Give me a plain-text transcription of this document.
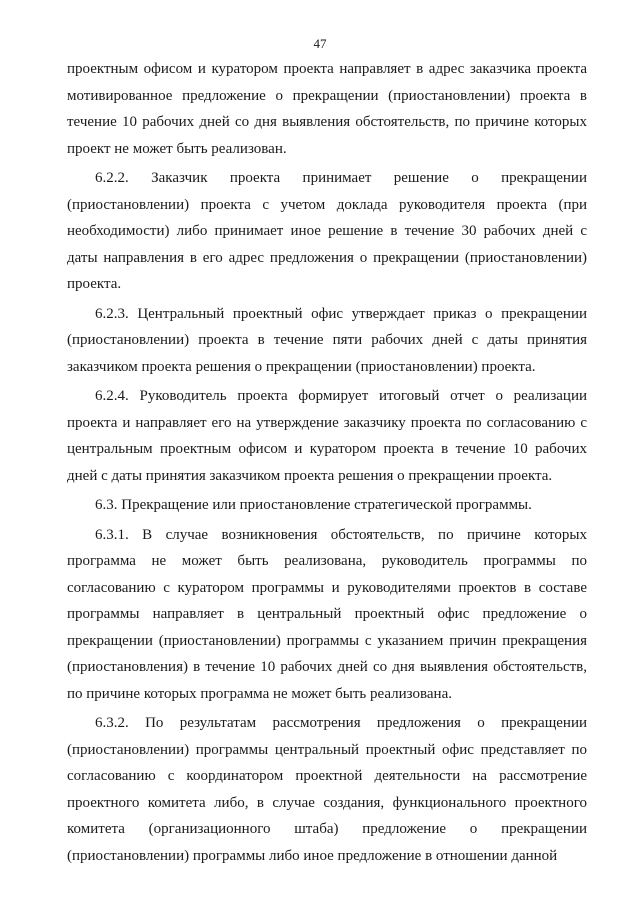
47

проектным офисом и куратором проекта направляет в адрес заказчика проекта мотивированное предложение о прекращении (приостановлении) проекта в течение 10 рабочих дней со дня выявления обстоятельств, по причине которых проект не может быть реализован.

6.2.2. Заказчик проекта принимает решение о прекращении (приостановлении) проекта с учетом доклада руководителя проекта (при необходимости) либо принимает иное решение в течение 30 рабочих дней с даты направления в его адрес предложения о прекращении (приостановлении) проекта.

6.2.3. Центральный проектный офис утверждает приказ о прекращении (приостановлении) проекта в течение пяти рабочих дней с даты принятия заказчиком проекта решения о прекращении (приостановлении) проекта.

6.2.4. Руководитель проекта формирует итоговый отчет о реализации проекта и направляет его на утверждение заказчику проекта по согласованию с центральным проектным офисом и куратором проекта в течение 10 рабочих дней с даты принятия заказчиком проекта решения о прекращении проекта.

6.3. Прекращение или приостановление стратегической программы.

6.3.1. В случае возникновения обстоятельств, по причине которых программа не может быть реализована, руководитель программы по согласованию с куратором программы и руководителями проектов в составе программы направляет в центральный проектный офис предложение о прекращении (приостановлении) программы с указанием причин прекращения (приостановления) в течение 10 рабочих дней со дня выявления обстоятельств, по причине которых программа не может быть реализована.

6.3.2. По результатам рассмотрения предложения о прекращении (приостановлении) программы центральный проектный офис представляет по согласованию с координатором проектной деятельности на рассмотрение проектного комитета либо, в случае создания, функционального проектного комитета (организационного штаба) предложение о прекращении (приостановлении) программы либо иное предложение в отношении данной
